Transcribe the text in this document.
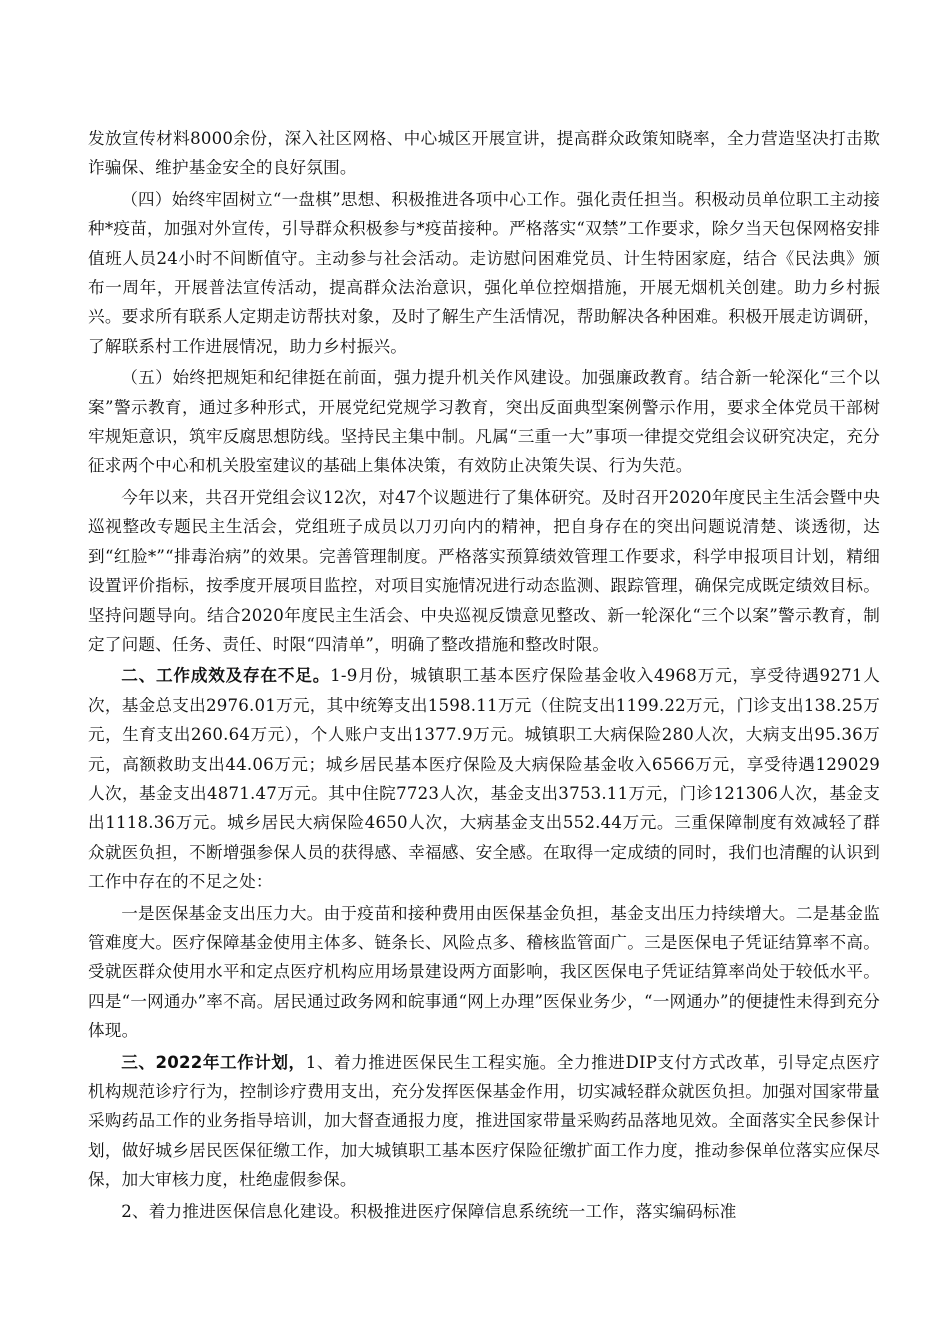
发放宣传材料8000余份，深入社区网格、中心城区开展宣讲，提高群众政策知晓率，全力营造坚决打击欺诈骗保、维护基金安全的良好氛围。

（四）始终牢固树立“一盘棋”思想、积极推进各项中心工作。强化责任担当。积极动员单位职工主动接种*疫苗，加强对外宣传，引导群众积极参与*疫苗接种。严格落实“双禁”工作要求，除夕当天包保网格安排值班人员24小时不间断值守。主动参与社会活动。走访慰问困难党员、计生特困家庭，结合《民法典》颁布一周年，开展普法宣传活动，提高群众法治意识，强化单位控烟措施，开展无烟机关创建。助力乡村振兴。要求所有联系人定期走访帮扶对象，及时了解生产生活情况，帮助解决各种困难。积极开展走访调研，了解联系村工作进展情况，助力乡村振兴。

（五）始终把规矩和纪律挺在前面，强力提升机关作风建设。加强廉政教育。结合新一轮深化“三个以案”警示教育，通过多种形式，开展党纪党规学习教育，突出反面典型案例警示作用，要求全体党员干部树牢规矩意识，筑牢反腐思想防线。坚持民主集中制。凡属“三重一大”事项一律提交党组会议研究决定，充分征求两个中心和机关股室建议的基础上集体决策，有效防止决策失误、行为失范。

今年以来，共召开党组会议12次，对47个议题进行了集体研究。及时召开2020年度民主生活会暨中央巡视整改专题民主生活会，党组班子成员以刀刃向内的精神，把自身存在的突出问题说清楚、谈透彻，达到“红脸*”“排毒治病”的效果。完善管理制度。严格落实预算绩效管理工作要求，科学申报项目计划，精细设置评价指标，按季度开展项目监控，对项目实施情况进行动态监测、跟踪管理，确保完成既定绩效目标。坚持问题导向。结合2020年度民主生活会、中央巡视反馈意见整改、新一轮深化“三个以案”警示教育，制定了问题、任务、责任、时限“四清单”，明确了整改措施和整改时限。

二、工作成效及存在不足。1-9月份，城镇职工基本医疗保险基金收入4968万元，享受待遇9271人次，基金总支出2976.01万元，其中统筹支出1598.11万元（住院支出1199.22万元，门诊支出138.25万元，生育支出260.64万元），个人账户支出1377.9万元。城镇职工大病保险280人次，大病支出95.36万元，高额救助支出44.06万元；城乡居民基本医疗保险及大病保险基金收入6566万元，享受待遇129029人次，基金支出4871.47万元。其中住院7723人次，基金支出3753.11万元，门诊121306人次，基金支出1118.36万元。城乡居民大病保险4650人次，大病基金支出552.44万元。三重保障制度有效减轻了群众就医负担，不断增强参保人员的获得感、幸福感、安全感。在取得一定成绩的同时，我们也清醒的认识到工作中存在的不足之处：

一是医保基金支出压力大。由于疫苗和接种费用由医保基金负担，基金支出压力持续增大。二是基金监管难度大。医疗保障基金使用主体多、链条长、风险点多、稽核监管面广。三是医保电子凭证结算率不高。受就医群众使用水平和定点医疗机构应用场景建设两方面影响，我区医保电子凭证结算率尚处于较低水平。四是“一网通办”率不高。居民通过政务网和皖事通“网上办理”医保业务少，“一网通办”的便捷性未得到充分体现。

三、2022年工作计划，1、着力推进医保民生工程实施。全力推进DIP支付方式改革，引导定点医疗机构规范诊疗行为，控制诊疗费用支出，充分发挥医保基金作用，切实减轻群众就医负担。加强对国家带量采购药品工作的业务指导培训，加大督查通报力度，推进国家带量采购药品落地见效。全面落实全民参保计划，做好城乡居民医保征缴工作，加大城镇职工基本医疗保险征缴扩面工作力度，推动参保单位落实应保尽保，加大审核力度，杜绝虚假参保。

2、着力推进医保信息化建设。积极推进医疗保障信息系统统一工作，落实编码标准
